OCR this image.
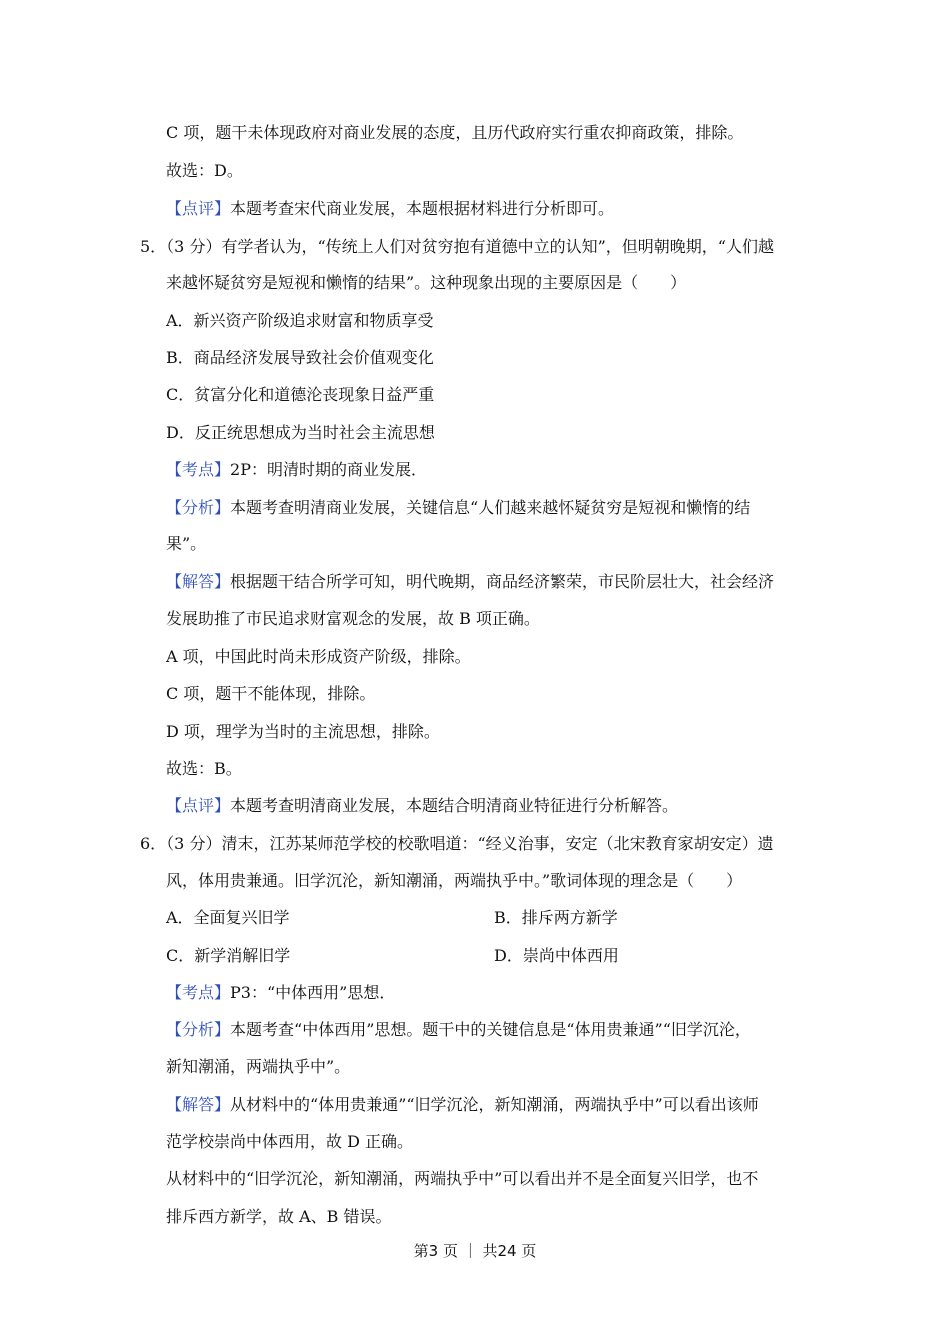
C 项，题干未体现政府对商业发展的态度，且历代政府实行重农抑商政策，排除。
故选：D。
【点评】本题考查宋代商业发展，本题根据材料进行分析即可。
5．（3 分）有学者认为，“传统上人们对贫穷抱有道德中立的认知”，但明朝晚期，“人们越
来越怀疑贫穷是短视和懒惰的结果”。这种现象出现的主要原因是（　　）
A．新兴资产阶级追求财富和物质享受
B．商品经济发展导致社会价值观变化
C．贫富分化和道德沦丧现象日益严重
D．反正统思想成为当时社会主流思想
【考点】2P：明清时期的商业发展．
【分析】本题考查明清商业发展，关键信息“人们越来越怀疑贫穷是短视和懒惰的结
果”。
【解答】根据题干结合所学可知，明代晚期，商品经济繁荣，市民阶层壮大，社会经济
发展助推了市民追求财富观念的发展，故 B 项正确。
A 项，中国此时尚未形成资产阶级，排除。
C 项，题干不能体现，排除。
D 项，理学为当时的主流思想，排除。
故选：B。
【点评】本题考查明清商业发展，本题结合明清商业特征进行分析解答。
6．（3 分）清末，江苏某师范学校的校歌唱道：“经义治事，安定（北宋教育家胡安定）遗
风，体用贵兼通。旧学沉沦，新知潮涌，两端执乎中。”歌词体现的理念是（　　）
A．全面复兴旧学	B．排斥两方新学
C．新学消解旧学	D．崇尚中体西用
【考点】P3：“中体西用”思想．
【分析】本题考查“中体西用”思想。题干中的关键信息是“体用贵兼通”“旧学沉沦，
新知潮涌，两端执乎中”。
【解答】从材料中的“体用贵兼通”“旧学沉沦，新知潮涌，两端执乎中”可以看出该师
范学校崇尚中体西用，故 D 正确。
从材料中的“旧学沉沦，新知潮涌，两端执乎中”可以看出并不是全面复兴旧学，也不
排斥西方新学，故 A、B 错误。
第3 页 ｜ 共24 页
